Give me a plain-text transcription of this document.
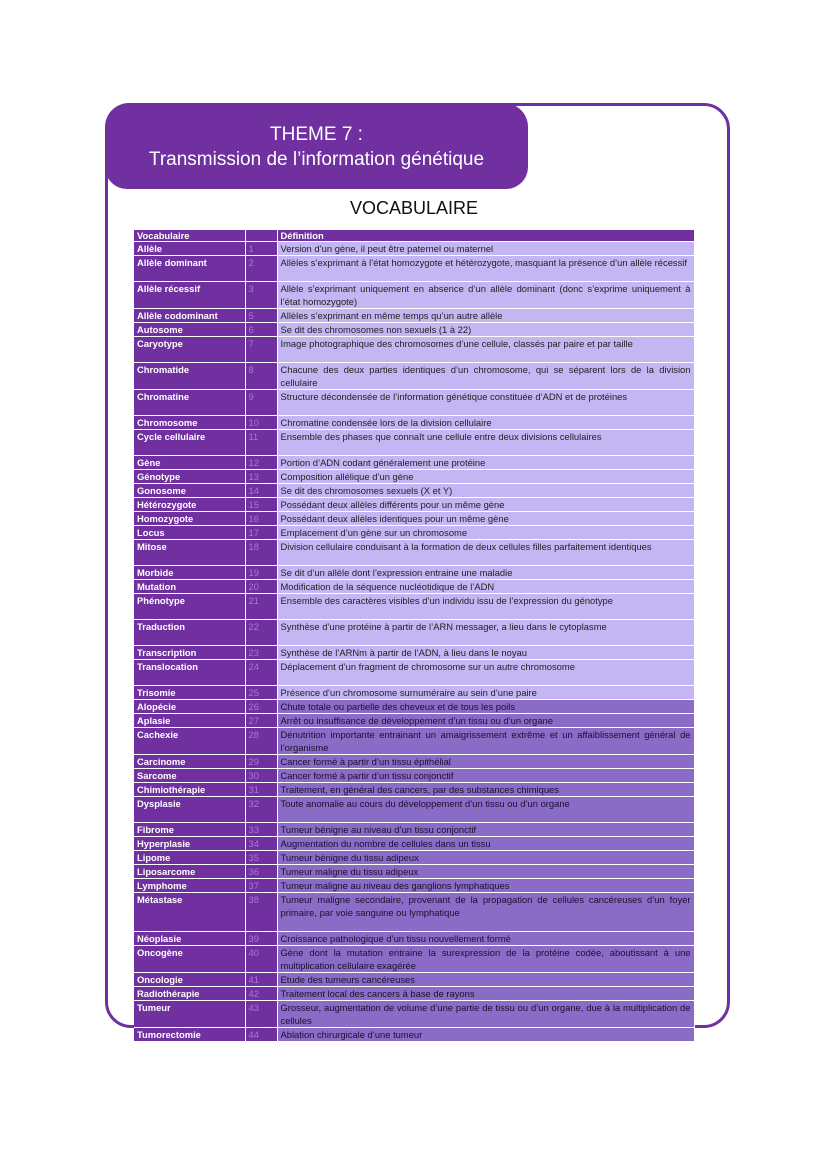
THEME 7 :
Transmission de l’information génétique
VOCABULAIRE
Vocabulaire		Définition
Allèle	1	Version d’un gène, il peut être paternel ou maternel
Allèle dominant	2	Allèles s’exprimant à l’état homozygote et hétérozygote, masquant la présence d’un allèle récessif
Allèle récessif	3	Allèle s’exprimant uniquement en absence d’un allèle dominant (donc s’exprime uniquement à l’état homozygote)
Allèle codominant	5	Allèles s’exprimant en même temps qu’un autre allèle
Autosome	6	Se dit des chromosomes non sexuels (1 à 22)
Caryotype	7	Image photographique des chromosomes d’une cellule, classés par paire et par taille
Chromatide	8	Chacune des deux parties identiques d’un chromosome, qui se séparent lors de la division cellulaire
Chromatine	9	Structure décondensée de l’information génétique constituée d’ADN et de protéines
Chromosome	10	Chromatine condensée lors de la division cellulaire
Cycle cellulaire	11	Ensemble des phases que connaît une cellule entre deux divisions cellulaires
Gène	12	Portion d’ADN codant généralement une protéine
Génotype	13	Composition allélique d’un gène
Gonosome	14	Se dit des chromosomes sexuels (X et Y)
Hétérozygote	15	Possédant deux allèles différents pour un même gène
Homozygote	16	Possédant deux allèles identiques pour un même gène
Locus	17	Emplacement d’un gène sur un chromosome
Mitose	18	Division cellulaire conduisant à la formation de deux cellules filles parfaitement identiques
Morbide	19	Se dit d’un allèle dont l’expression entraine une maladie
Mutation	20	Modification de la séquence nucléotidique de l’ADN
Phénotype	21	Ensemble des caractères visibles d’un individu issu de l’expression du génotype
Traduction	22	Synthèse d’une protéine à partir de l’ARN messager, a lieu dans le cytoplasme
Transcription	23	Synthèse de l’ARNm à partir de l’ADN, à lieu dans le noyau
Translocation	24	Déplacement d’un fragment de chromosome sur un autre chromosome
Trisomie	25	Présence d’un chromosome surnuméraire au sein d’une paire
Alopécie	26	Chute totale ou partielle des cheveux et de tous les poils
Aplasie	27	Arrêt ou insuffisance de développement d’un tissu ou d’un organe
Cachexie	28	Dénutrition importante entrainant un amaigrissement extrême et un affaiblissement général de l’organisme
Carcinome	29	Cancer formé à partir d’un tissu épithélial
Sarcome	30	Cancer formé à partir d’un tissu conjonctif
Chimiothérapie	31	Traitement, en général des cancers, par des substances chimiques
Dysplasie	32	Toute anomalie au cours du développement d’un tissu ou d’un organe
Fibrome	33	Tumeur bénigne au niveau d’un tissu conjonctif
Hyperplasie	34	Augmentation du nombre de cellules dans un tissu
Lipome	35	Tumeur bénigne du tissu adipeux
Liposarcome	36	Tumeur maligne du tissu adipeux
Lymphome	37	Tumeur maligne au niveau des ganglions lymphatiques
Métastase	38	Tumeur maligne secondaire, provenant de la propagation de cellules cancéreuses d’un foyer primaire, par voie sanguine ou lymphatique
Néoplasie	39	Croissance pathologique d’un tissu nouvellement formé
Oncogène	40	Gène dont la mutation entraine la surexpression de la protéine codée, aboutissant à une multiplication cellulaire exagérée
Oncologie	41	Etude des tumeurs cancéreuses
Radiothérapie	42	Traitement local des cancers à base de rayons
Tumeur	43	Grosseur, augmentation de volume d’une partie de tissu ou d’un organe, due à la multiplication de cellules
Tumorectomie	44	Ablation chirurgicale d’une tumeur
